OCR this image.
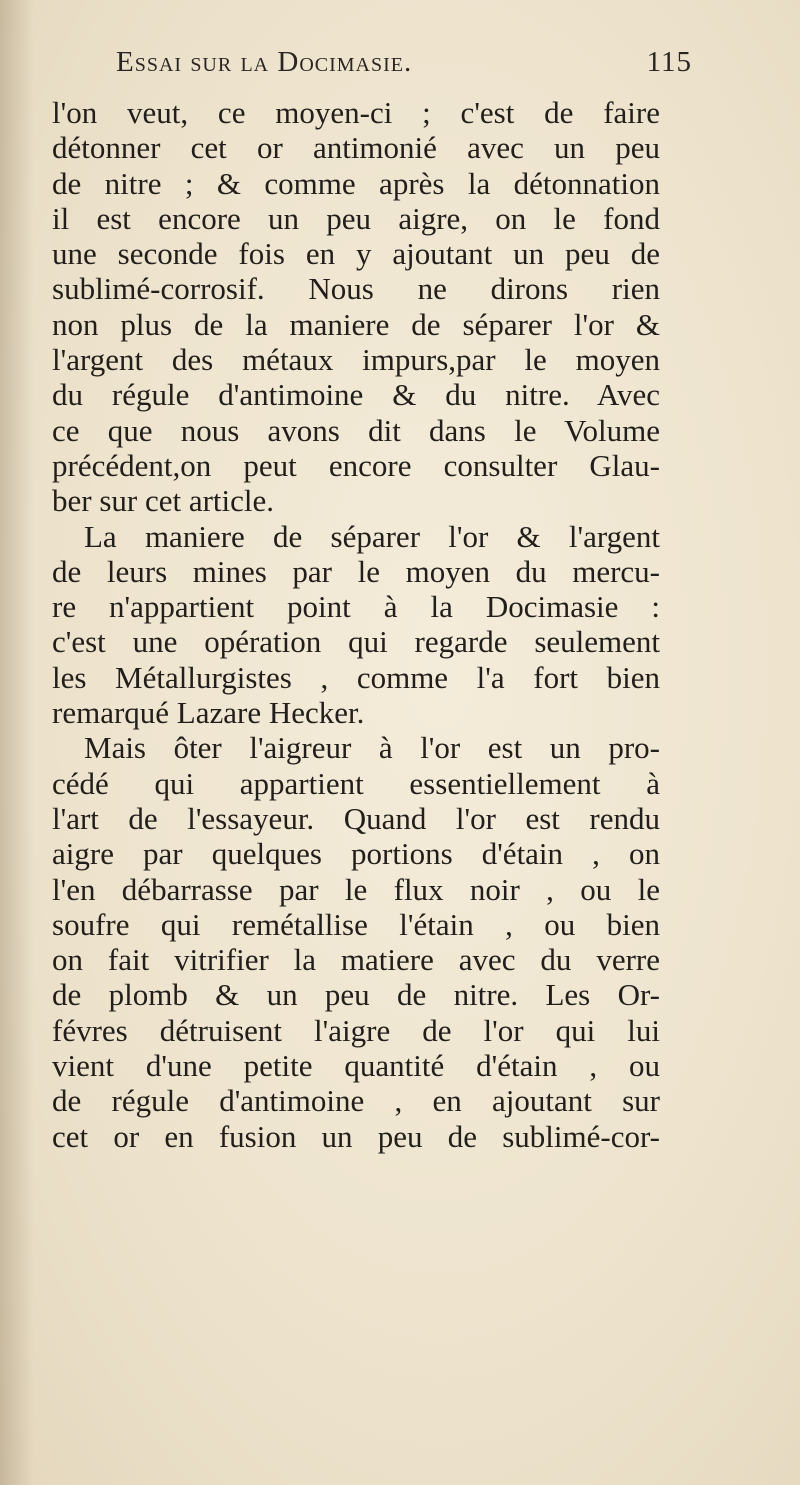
Essai sur la Docimasie.	115
l'on veut, ce moyen-ci ; c'est de faire
détonner cet or antimonié avec un peu
de nitre ; & comme après la détonnation
il est encore un peu aigre, on le fond
une seconde fois en y ajoutant un peu de
sublimé-corrosif. Nous ne dirons rien
non plus de la maniere de séparer l'or &
l'argent des métaux impurs,par le moyen
du régule d'antimoine & du nitre. Avec
ce que nous avons dit dans le Volume
précédent,on peut encore consulter Glau-
ber sur cet article.
La maniere de séparer l'or & l'argent
de leurs mines par le moyen du mercu-
re n'appartient point à la Docimasie :
c'est une opération qui regarde seulement
les Métallurgistes , comme l'a fort bien
remarqué Lazare Hecker.
Mais ôter l'aigreur à l'or est un pro-
cédé qui appartient essentiellement à
l'art de l'essayeur. Quand l'or est rendu
aigre par quelques portions d'étain , on
l'en débarrasse par le flux noir , ou le
soufre qui remétallise l'étain , ou bien
on fait vitrifier la matiere avec du verre
de plomb & un peu de nitre. Les Or-
févres détruisent l'aigre de l'or qui lui
vient d'une petite quantité d'étain , ou
de régule d'antimoine , en ajoutant sur
cet or en fusion un peu de sublimé-cor-
